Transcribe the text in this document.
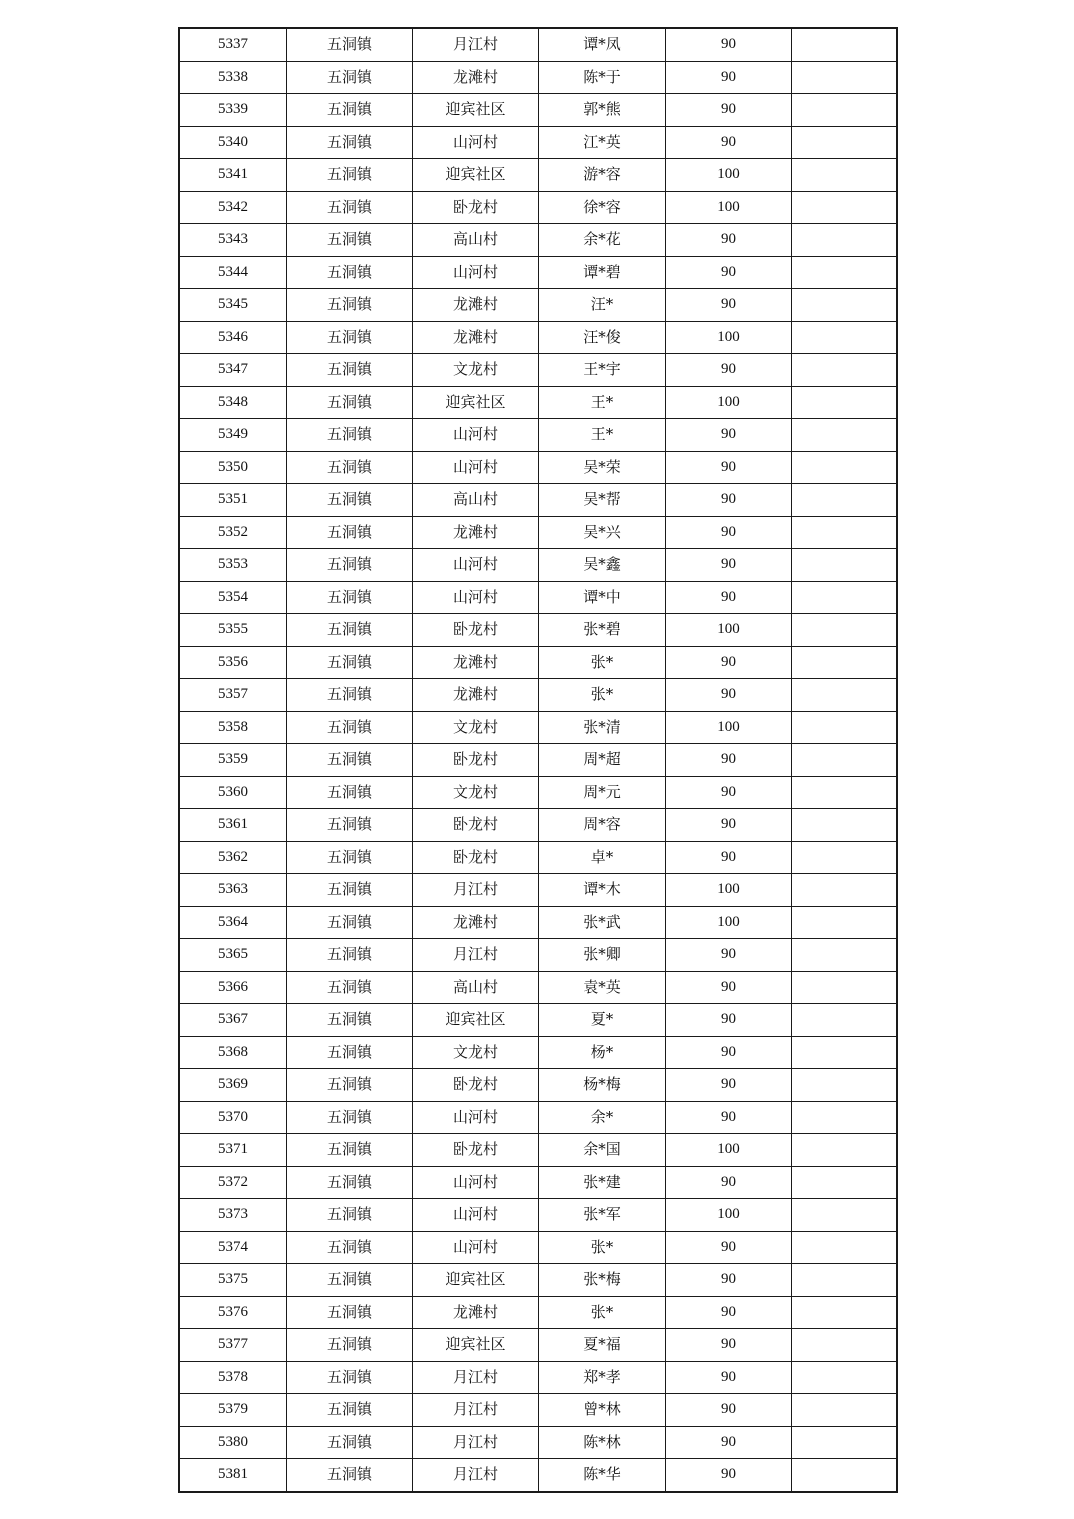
5337	五洞镇	月江村	谭*凤	90	
5338	五洞镇	龙滩村	陈*于	90	
5339	五洞镇	迎宾社区	郭*熊	90	
5340	五洞镇	山河村	江*英	90	
5341	五洞镇	迎宾社区	游*容	100	
5342	五洞镇	卧龙村	徐*容	100	
5343	五洞镇	高山村	余*花	90	
5344	五洞镇	山河村	谭*碧	90	
5345	五洞镇	龙滩村	汪*	90	
5346	五洞镇	龙滩村	汪*俊	100	
5347	五洞镇	文龙村	王*宇	90	
5348	五洞镇	迎宾社区	王*	100	
5349	五洞镇	山河村	王*	90	
5350	五洞镇	山河村	吴*荣	90	
5351	五洞镇	高山村	吴*帮	90	
5352	五洞镇	龙滩村	吴*兴	90	
5353	五洞镇	山河村	吴*鑫	90	
5354	五洞镇	山河村	谭*中	90	
5355	五洞镇	卧龙村	张*碧	100	
5356	五洞镇	龙滩村	张*	90	
5357	五洞镇	龙滩村	张*	90	
5358	五洞镇	文龙村	张*清	100	
5359	五洞镇	卧龙村	周*超	90	
5360	五洞镇	文龙村	周*元	90	
5361	五洞镇	卧龙村	周*容	90	
5362	五洞镇	卧龙村	卓*	90	
5363	五洞镇	月江村	谭*木	100	
5364	五洞镇	龙滩村	张*武	100	
5365	五洞镇	月江村	张*卿	90	
5366	五洞镇	高山村	袁*英	90	
5367	五洞镇	迎宾社区	夏*	90	
5368	五洞镇	文龙村	杨*	90	
5369	五洞镇	卧龙村	杨*梅	90	
5370	五洞镇	山河村	余*	90	
5371	五洞镇	卧龙村	余*国	100	
5372	五洞镇	山河村	张*建	90	
5373	五洞镇	山河村	张*军	100	
5374	五洞镇	山河村	张*	90	
5375	五洞镇	迎宾社区	张*梅	90	
5376	五洞镇	龙滩村	张*	90	
5377	五洞镇	迎宾社区	夏*福	90	
5378	五洞镇	月江村	郑*孝	90	
5379	五洞镇	月江村	曾*林	90	
5380	五洞镇	月江村	陈*林	90	
5381	五洞镇	月江村	陈*华	90	
